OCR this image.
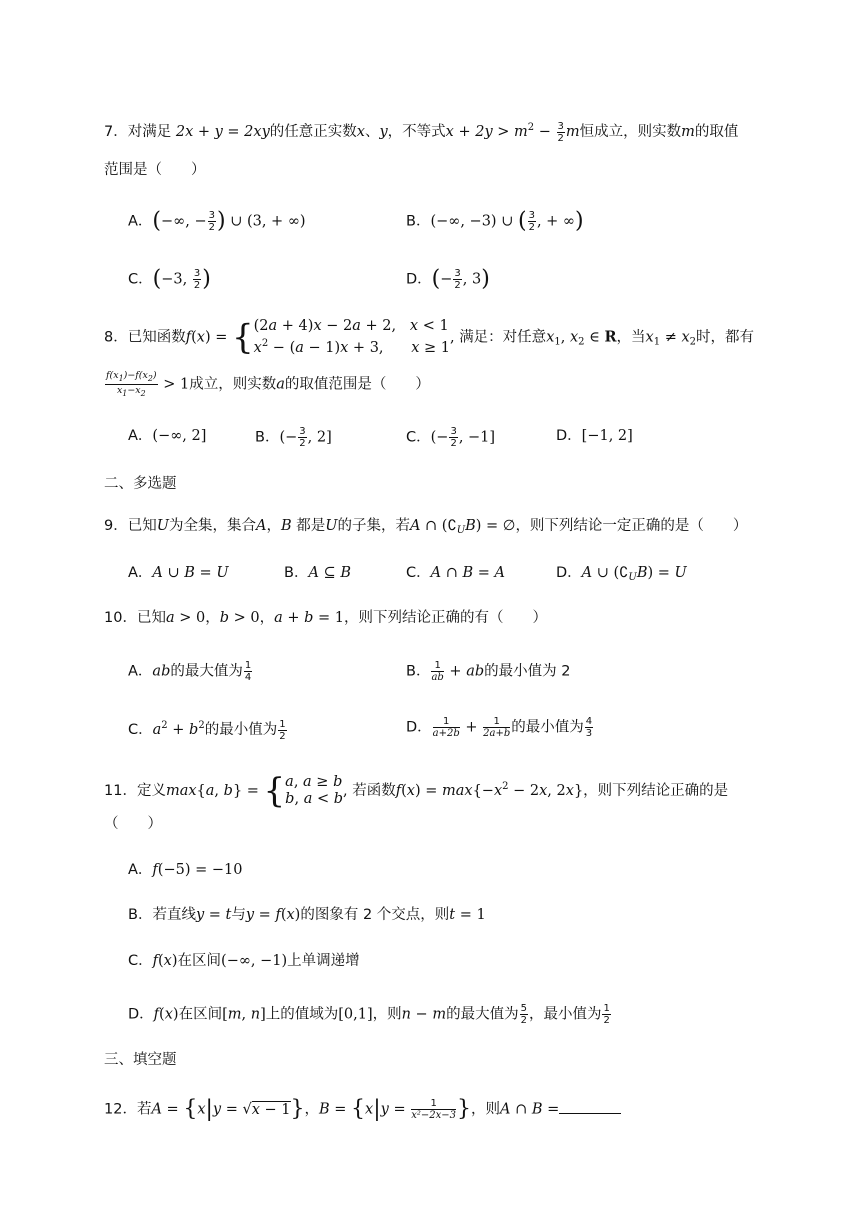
7．对满足 2x + y = 2xy的任意正实数x、y，不等式$x + 2y > m^2 - \frac{3}{2}$ m恒成立，则实数m的取值
范围是（　　）
A．(−∞, − $\frac{3}{2}$ ) ∪ (3, + ∞)	B．(−∞, −3) ∪ ( $\frac{3}{2}$ , + ∞)
C．(−3, $\frac{3}{2}$ )	D．(− $\frac{3}{2}$ , 3)
8．已知函数f(x) = { (2a + 4)x − 2a + 2, x < 1
$x^2 - (a - 1)x + 3$, x ≥ 1
, 满足：对任意$x_1$, $x_2$ ∈ R，当$x_1 \ne x_2$时，都有
$\frac{f(x_1)-f(x_2)}{x_1-x_2} > 1$成立，则实数a的取值范围是（　　）
A．(−∞, 2]	B．(− $\frac{3}{2}$ , 2]	C．(− $\frac{3}{2}$ , −1]	D．[−1, 2]
二、多选题
9．已知U为全集，集合A，B 都是U的子集，若A ∩ $(∁_UB)$ = ∅，则下列结论一定正确的是（　　）
A．A ∪ B = U	B．A ⊆ B	C．A ∩ B = A	D．A ∪ $(∁_UB) = U$
10．已知a > 0，b > 0，a + b = 1，则下列结论正确的有（　　）
A．ab的最大值为 $\frac{1}{4}$	B． $\frac{1}{ab}$ + ab的最小值为 2
C．$a^2 + b^2$的最小值为 $\frac{1}{2}$	D． $\frac{1}{a+2b} + \frac{1}{2a+b}$ 的最小值为 $\frac{4}{3}$
11．定义max{a, b} = { a, a ≥ b
b, a < b , 若函数$f(x) = \max\{-x^2 - 2x$, 2x}，则下列结论正确的是
（　　）
A．f(−5) = −10
B．若直线y = t与y = f(x)的图象有 2 个交点，则t = 1
C．f(x)在区间(−∞, −1)上单调递增
D．f(x)在区间[m, n]上的值域为[0,1]，则n − m的最大值为 $\frac{5}{2}$ ，最小值为 $\frac{1}{2}$
三、填空题
12．若A = {x|y = √x − 1}，$B = \{x|y = \frac{1}{\text{x²−2x−3}}$ }，则A ∩ B =
